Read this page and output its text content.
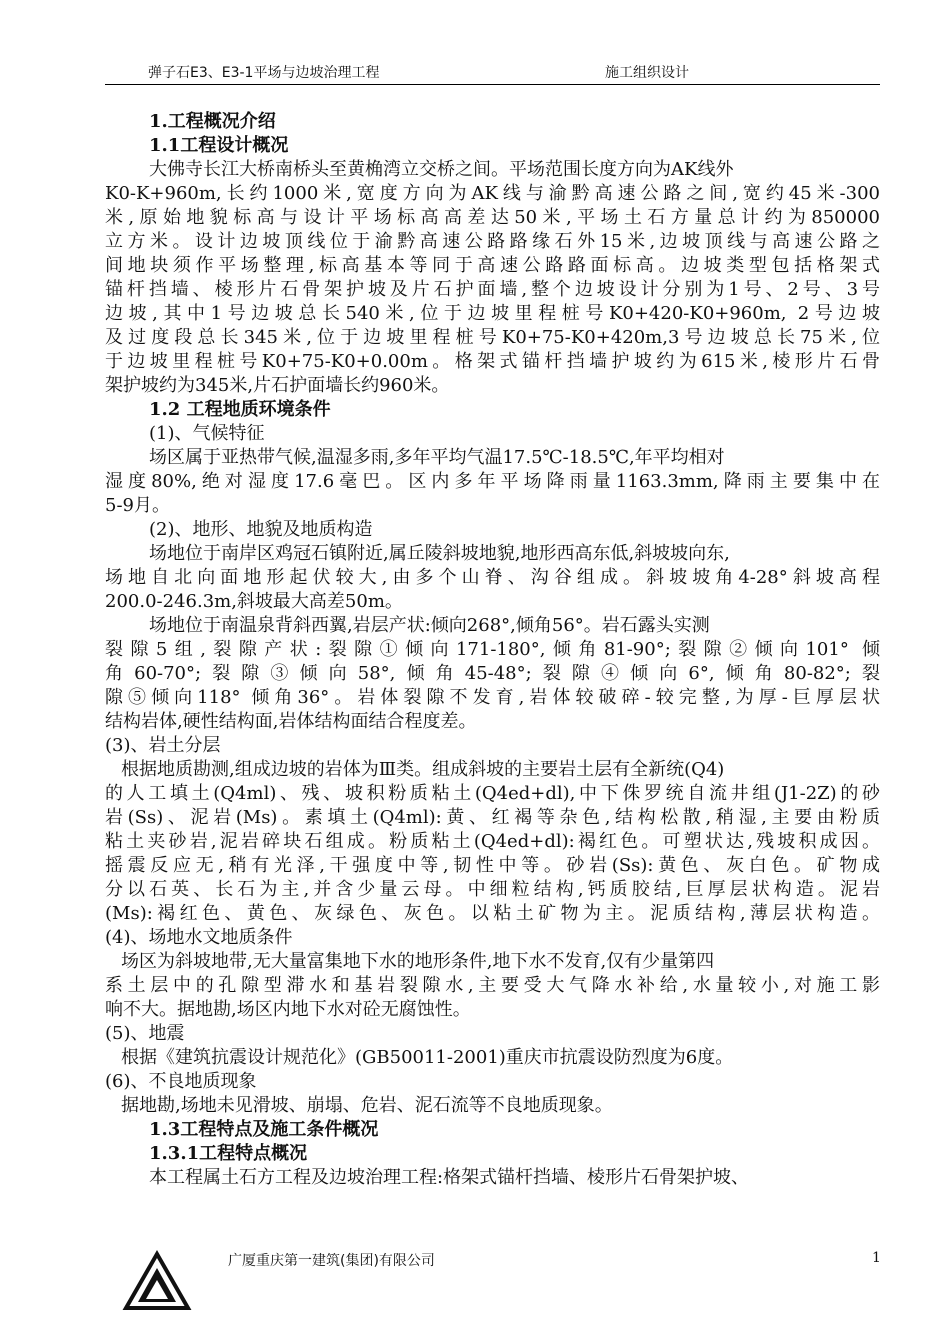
弹子石E3、E3-1平场与边坡治理工程	施工组织设计
1.工程概况介绍
1.1工程设计概况
大佛寺长江大桥南桥头至黄桷湾立交桥之间。平场范围长度方向为AK线外
K0-K+960m,长约1000米,宽度方向为AK线与渝黔高速公路之间,宽约45米-300
米,原始地貌标高与设计平场标高高差达50米,平场土石方量总计约为850000
立方米。设计边坡顶线位于渝黔高速公路路缘石外15米,边坡顶线与高速公路之
间地块须作平场整理,标高基本等同于高速公路路面标高。边坡类型包括格架式
锚杆挡墙、棱形片石骨架护坡及片石护面墙,整个边坡设计分别为1号、2号、3号
边坡,其中1号边坡总长540米,位于边坡里程桩号K0+420-K0+960m, 2号边坡
及过度段总长345米,位于边坡里程桩号K0+75-K0+420m,3号边坡总长75米,位
于边坡里程桩号K0+75-K0+0.00m。格架式锚杆挡墙护坡约为615米,棱形片石骨
架护坡约为345米,片石护面墙长约960米。
1.2 工程地质环境条件
(1)、气候特征
场区属于亚热带气候,温湿多雨,多年平均气温17.5℃-18.5℃,年平均相对
湿度80%,绝对湿度17.6毫巴。区内多年平场降雨量1163.3mm,降雨主要集中在
5-9月。
(2)、地形、地貌及地质构造
场地位于南岸区鸡冠石镇附近,属丘陵斜坡地貌,地形西高东低,斜坡坡向东,
场地自北向面地形起伏较大,由多个山脊、沟谷组成。斜坡坡角4-28°斜坡高程
200.0-246.3m,斜坡最大高差50m。
场地位于南温泉背斜西翼,岩层产状:倾向268°,倾角56°。岩石露头实测
裂隙5组,裂隙产状:裂隙①倾向171-180°,倾角81-90°;裂隙②倾向101° 倾
角60-70°;裂隙③倾向58°,倾角45-48°;裂隙④倾向6°,倾角80-82°;裂
隙⑤倾向118° 倾角36°。岩体裂隙不发育,岩体较破碎-较完整,为厚-巨厚层状
结构岩体,硬性结构面,岩体结构面结合程度差。
(3)、岩土分层
根据地质勘测,组成边坡的岩体为Ⅲ类。组成斜坡的主要岩土层有全新统(Q4)
的人工填土(Q4ml)、残、坡积粉质粘土(Q4ed+dl),中下侏罗统自流井组(J1-2Z)的砂
岩(Ss)、泥岩(Ms)。素填土(Q4ml):黄、红褐等杂色,结构松散,稍湿,主要由粉质
粘土夹砂岩,泥岩碎块石组成。粉质粘土(Q4ed+dl):褐红色。可塑状达,残坡积成因。
摇震反应无,稍有光泽,干强度中等,韧性中等。砂岩(Ss):黄色、灰白色。矿物成
分以石英、长石为主,并含少量云母。中细粒结构,钙质胶结,巨厚层状构造。泥岩
(Ms):褐红色、黄色、灰绿色、灰色。以粘土矿物为主。泥质结构,薄层状构造。
(4)、场地水文地质条件
场区为斜坡地带,无大量富集地下水的地形条件,地下水不发育,仅有少量第四
系土层中的孔隙型滞水和基岩裂隙水,主要受大气降水补给,水量较小,对施工影
响不大。据地勘,场区内地下水对砼无腐蚀性。
(5)、地震
根据《建筑抗震设计规范化》(GB50011-2001)重庆市抗震设防烈度为6度。
(6)、不良地质现象
据地勘,场地未见滑坡、崩塌、危岩、泥石流等不良地质现象。
1.3工程特点及施工条件概况
1.3.1工程特点概况
本工程属土石方工程及边坡治理工程:格架式锚杆挡墙、棱形片石骨架护坡、
广厦重庆第一建筑(集团)有限公司	1
